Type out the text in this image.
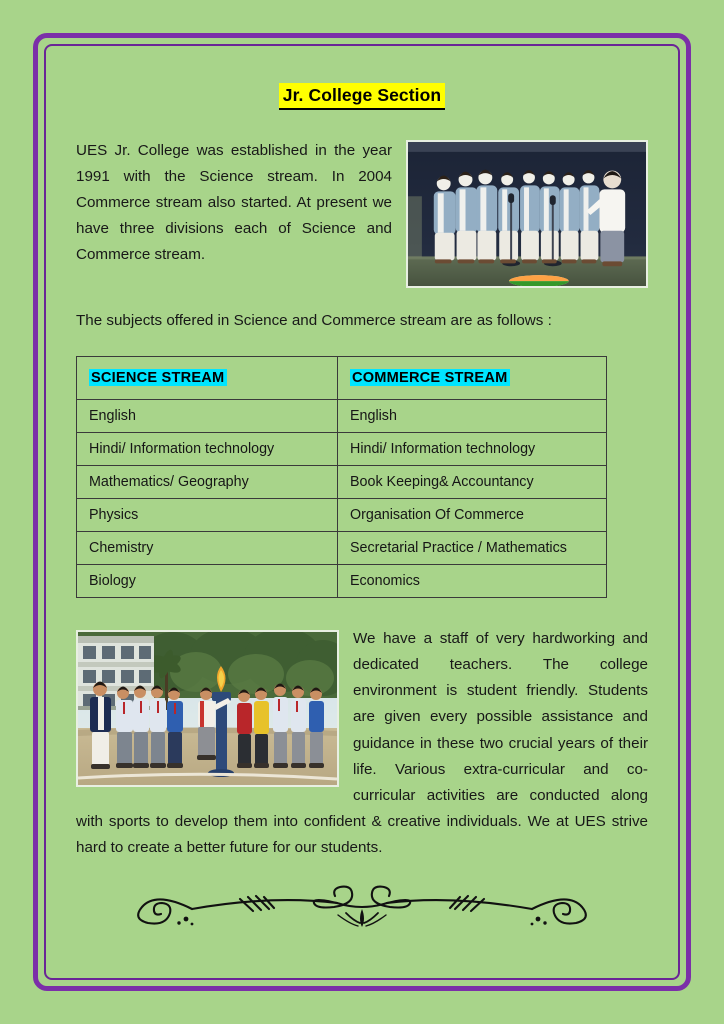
Jr. College Section

UES Jr. College was established in the year 1991 with the Science stream. In 2004 Commerce stream also started. At present we have three divisions each of Science and Commerce stream.

The subjects offered in Science and Commerce stream are as follows :

SCIENCE STREAM	COMMERCE STREAM
English	English
Hindi/ Information technology	Hindi/ Information technology
Mathematics/ Geography	Book Keeping& Accountancy
Physics	Organisation Of Commerce
Chemistry	Secretarial Practice / Mathematics
Biology	Economics

We have a staff of very hardworking and dedicated teachers. The college environment is student friendly. Students are given every possible assistance and guidance in these two crucial years of their life. Various extra-curricular and co-curricular activities are conducted along with sports to develop them into confident & creative individuals. We at UES strive hard to create a better future for our students.
